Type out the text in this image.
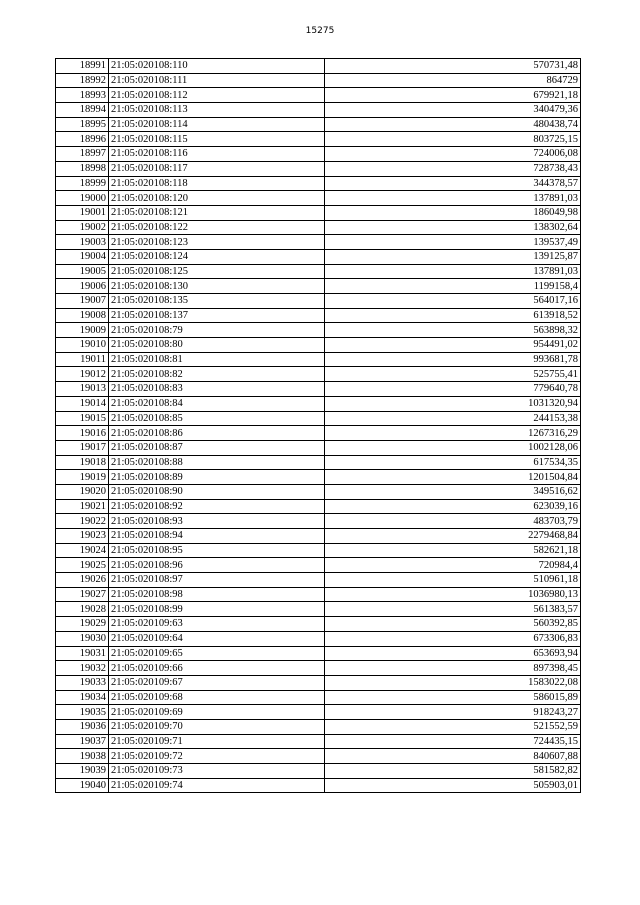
15275
18991	21:05:020108:110	570731,48
18992	21:05:020108:111	864729
18993	21:05:020108:112	679921,18
18994	21:05:020108:113	340479,36
18995	21:05:020108:114	480438,74
18996	21:05:020108:115	803725,15
18997	21:05:020108:116	724006,08
18998	21:05:020108:117	728738,43
18999	21:05:020108:118	344378,57
19000	21:05:020108:120	137891,03
19001	21:05:020108:121	186049,98
19002	21:05:020108:122	138302,64
19003	21:05:020108:123	139537,49
19004	21:05:020108:124	139125,87
19005	21:05:020108:125	137891,03
19006	21:05:020108:130	1199158,4
19007	21:05:020108:135	564017,16
19008	21:05:020108:137	613918,52
19009	21:05:020108:79	563898,32
19010	21:05:020108:80	954491,02
19011	21:05:020108:81	993681,78
19012	21:05:020108:82	525755,41
19013	21:05:020108:83	779640,78
19014	21:05:020108:84	1031320,94
19015	21:05:020108:85	244153,38
19016	21:05:020108:86	1267316,29
19017	21:05:020108:87	1002128,06
19018	21:05:020108:88	617534,35
19019	21:05:020108:89	1201504,84
19020	21:05:020108:90	349516,62
19021	21:05:020108:92	623039,16
19022	21:05:020108:93	483703,79
19023	21:05:020108:94	2279468,84
19024	21:05:020108:95	582621,18
19025	21:05:020108:96	720984,4
19026	21:05:020108:97	510961,18
19027	21:05:020108:98	1036980,13
19028	21:05:020108:99	561383,57
19029	21:05:020109:63	560392,85
19030	21:05:020109:64	673306,83
19031	21:05:020109:65	653693,94
19032	21:05:020109:66	897398,45
19033	21:05:020109:67	1583022,08
19034	21:05:020109:68	586015,89
19035	21:05:020109:69	918243,27
19036	21:05:020109:70	521552,59
19037	21:05:020109:71	724435,15
19038	21:05:020109:72	840607,88
19039	21:05:020109:73	581582,82
19040	21:05:020109:74	505903,01
